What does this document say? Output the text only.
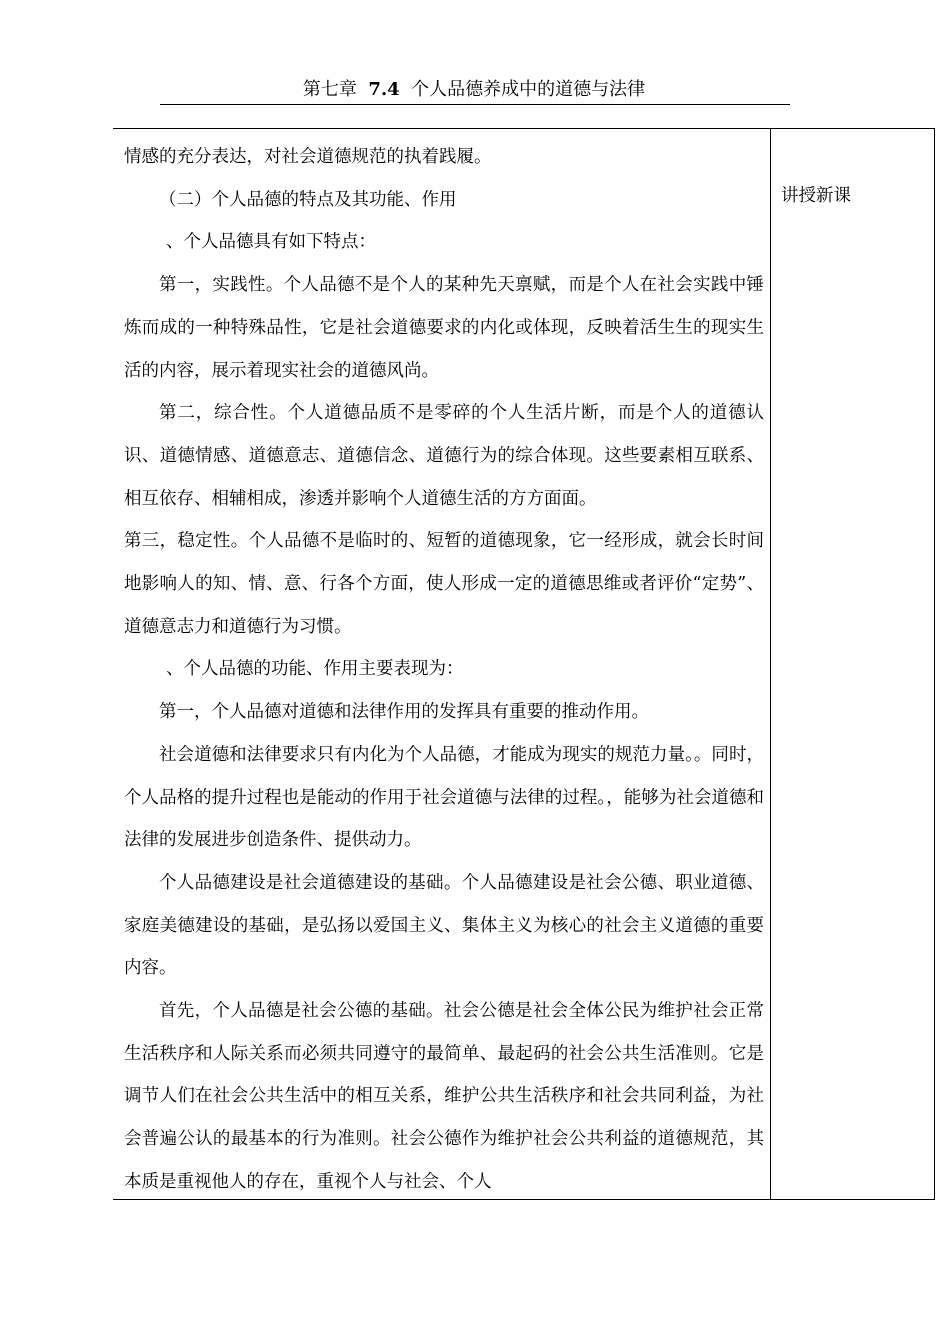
第七章 7.4 个人品德养成中的道德与法律

情感的充分表达，对社会道德规范的执着践履。

（二）个人品德的特点及其功能、作用

、个人品德具有如下特点：

第一，实践性。个人品德不是个人的某种先天禀赋，而是个人在社会实践中锤炼而成的一种特殊品性，它是社会道德要求的内化或体现，反映着活生生的现实生活的内容，展示着现实社会的道德风尚。

第二，综合性。个人道德品质不是零碎的个人生活片断，而是个人的道德认识、道德情感、道德意志、道德信念、道德行为的综合体现。这些要素相互联系、相互依存、相辅相成，渗透并影响个人道德生活的方方面面。

第三，稳定性。个人品德不是临时的、短暂的道德现象，它一经形成，就会长时间地影响人的知、情、意、行各个方面，使人形成一定的道德思维或者评价“定势”、道德意志力和道德行为习惯。

、个人品德的功能、作用主要表现为：

第一，个人品德对道德和法律作用的发挥具有重要的推动作用。

社会道德和法律要求只有内化为个人品德，才能成为现实的规范力量。。同时，个人品格的提升过程也是能动的作用于社会道德与法律的过程。，能够为社会道德和法律的发展进步创造条件、提供动力。

个人品德建设是社会道德建设的基础。个人品德建设是社会公德、职业道德、家庭美德建设的基础，是弘扬以爱国主义、集体主义为核心的社会主义道德的重要内容。

首先，个人品德是社会公德的基础。社会公德是社会全体公民为维护社会正常生活秩序和人际关系而必须共同遵守的最简单、最起码的社会公共生活准则。它是调节人们在社会公共生活中的相互关系，维护公共生活秩序和社会共同利益，为社会普遍公认的最基本的行为准则。社会公德作为维护社会公共利益的道德规范，其本质是重视他人的存在，重视个人与社会、个人

讲授新课
